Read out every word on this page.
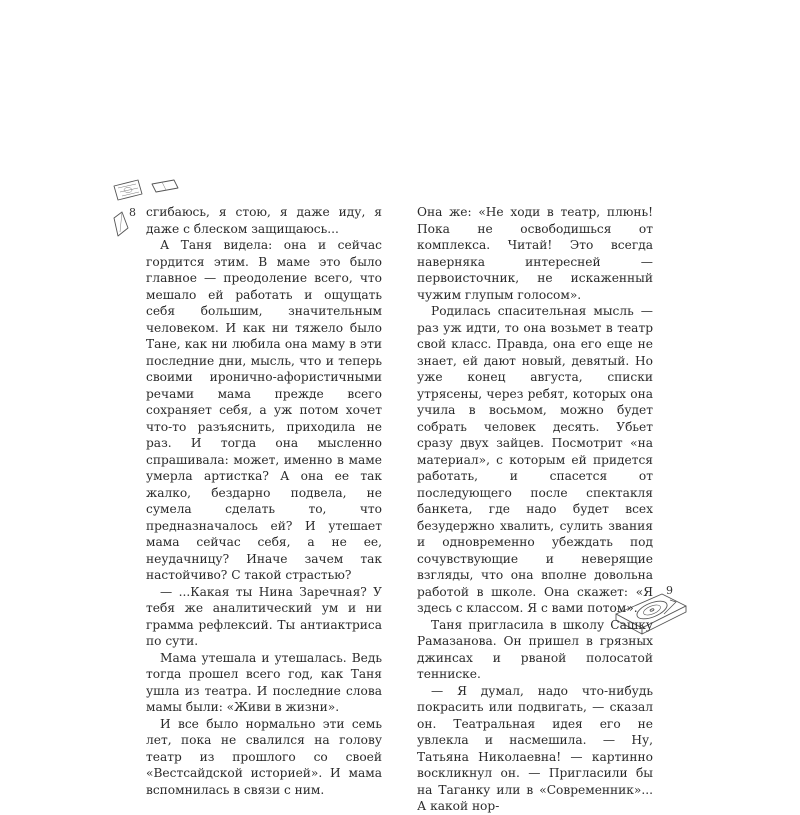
8
9

сгибаюсь, я стою, я даже иду, я даже с блеском защищаюсь...

А Таня видела: она и сейчас гордится этим. В маме это было главное — преодоление всего, что мешало ей работать и ощущать себя большим, значительным человеком. И как ни тяжело было Тане, как ни любила она маму в эти последние дни, мысль, что и теперь своими иронично-афористичными речами мама прежде всего сохраняет себя, а уж потом хочет что-то разъяснить, приходила не раз. И тогда она мысленно спрашивала: может, именно в маме умерла артистка? А она ее так жалко, бездарно подвела, не сумела сделать то, что предназначалось ей? И утешает мама сейчас себя, а не ее, неудачницу? Иначе зачем так настойчиво? С такой страстью?

— ...Какая ты Нина Заречная? У тебя же аналитический ум и ни грамма рефлексий. Ты антиактриса по сути.

Мама утешала и утешалась. Ведь тогда прошел всего год, как Таня ушла из театра. И последние слова мамы были: «Живи в жизни».

И все было нормально эти семь лет, пока не свалился на голову театр из прошлого со своей «Вестсайдской историей». И мама вспомнилась в связи с ним.

Она же: «Не ходи в театр, плюнь! Пока не освободишься от комплекса. Читай! Это всегда наверняка интересней — первоисточник, не искаженный чужим глупым голосом».

Родилась спасительная мысль — раз уж идти, то она возьмет в театр свой класс. Правда, она его еще не знает, ей дают новый, девятый. Но уже конец августа, списки утрясены, через ребят, которых она учила в восьмом, можно будет собрать человек десять. Убьет сразу двух зайцев. Посмотрит «на материал», с которым ей придется работать, и спасется от последующего после спектакля банкета, где надо будет всех безудержно хвалить, сулить звания и одновременно убеждать под сочувствующие и неверящие взгляды, что она вполне довольна работой в школе. Она скажет: «Я здесь с классом. Я с вами потом».

Таня пригласила в школу Сашку Рамазанова. Он пришел в грязных джинсах и рваной полосатой тенниске.

— Я думал, надо что-нибудь покрасить или подвигать, — сказал он. Театральная идея его не увлекла и насмешила. — Ну, Татьяна Николаевна! — картинно воскликнул он. — Пригласили бы на Таганку или в «Современник»... А какой нор-
